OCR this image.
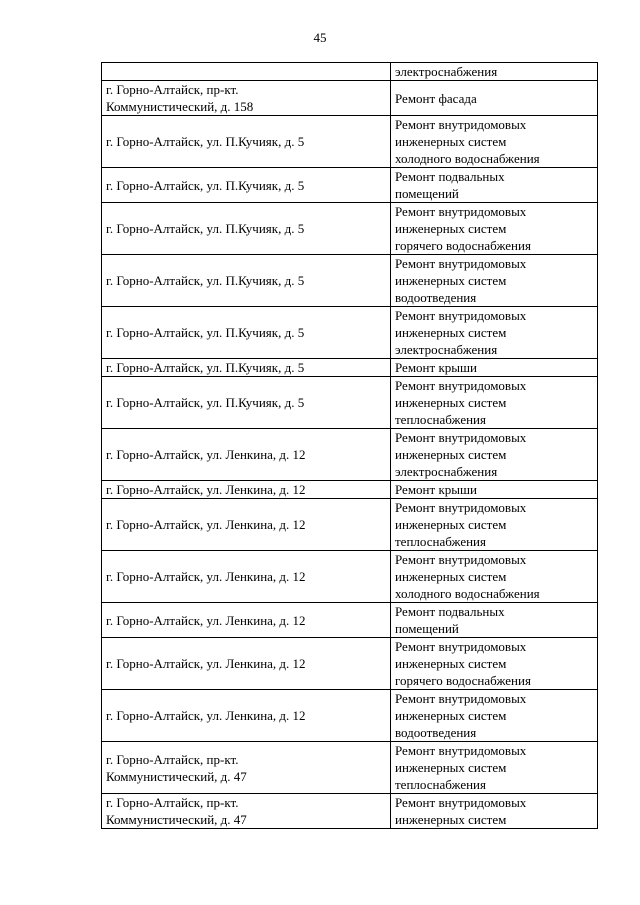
45
	электроснабжения
г. Горно-Алтайск, пр-кт.
Коммунистический, д. 158	Ремонт фасада
г. Горно-Алтайск, ул. П.Кучияк, д. 5	Ремонт внутридомовых
инженерных систем
холодного водоснабжения
г. Горно-Алтайск, ул. П.Кучияк, д. 5	Ремонт подвальных
помещений
г. Горно-Алтайск, ул. П.Кучияк, д. 5	Ремонт внутридомовых
инженерных систем
горячего водоснабжения
г. Горно-Алтайск, ул. П.Кучияк, д. 5	Ремонт внутридомовых
инженерных систем
водоотведения
г. Горно-Алтайск, ул. П.Кучияк, д. 5	Ремонт внутридомовых
инженерных систем
электроснабжения
г. Горно-Алтайск, ул. П.Кучияк, д. 5	Ремонт крыши
г. Горно-Алтайск, ул. П.Кучияк, д. 5	Ремонт внутридомовых
инженерных систем
теплоснабжения
г. Горно-Алтайск, ул. Ленкина, д. 12	Ремонт внутридомовых
инженерных систем
электроснабжения
г. Горно-Алтайск, ул. Ленкина, д. 12	Ремонт крыши
г. Горно-Алтайск, ул. Ленкина, д. 12	Ремонт внутридомовых
инженерных систем
теплоснабжения
г. Горно-Алтайск, ул. Ленкина, д. 12	Ремонт внутридомовых
инженерных систем
холодного водоснабжения
г. Горно-Алтайск, ул. Ленкина, д. 12	Ремонт подвальных
помещений
г. Горно-Алтайск, ул. Ленкина, д. 12	Ремонт внутридомовых
инженерных систем
горячего водоснабжения
г. Горно-Алтайск, ул. Ленкина, д. 12	Ремонт внутридомовых
инженерных систем
водоотведения
г. Горно-Алтайск, пр-кт.
Коммунистический, д. 47	Ремонт внутридомовых
инженерных систем
теплоснабжения
г. Горно-Алтайск, пр-кт.
Коммунистический, д. 47	Ремонт внутридомовых
инженерных систем
